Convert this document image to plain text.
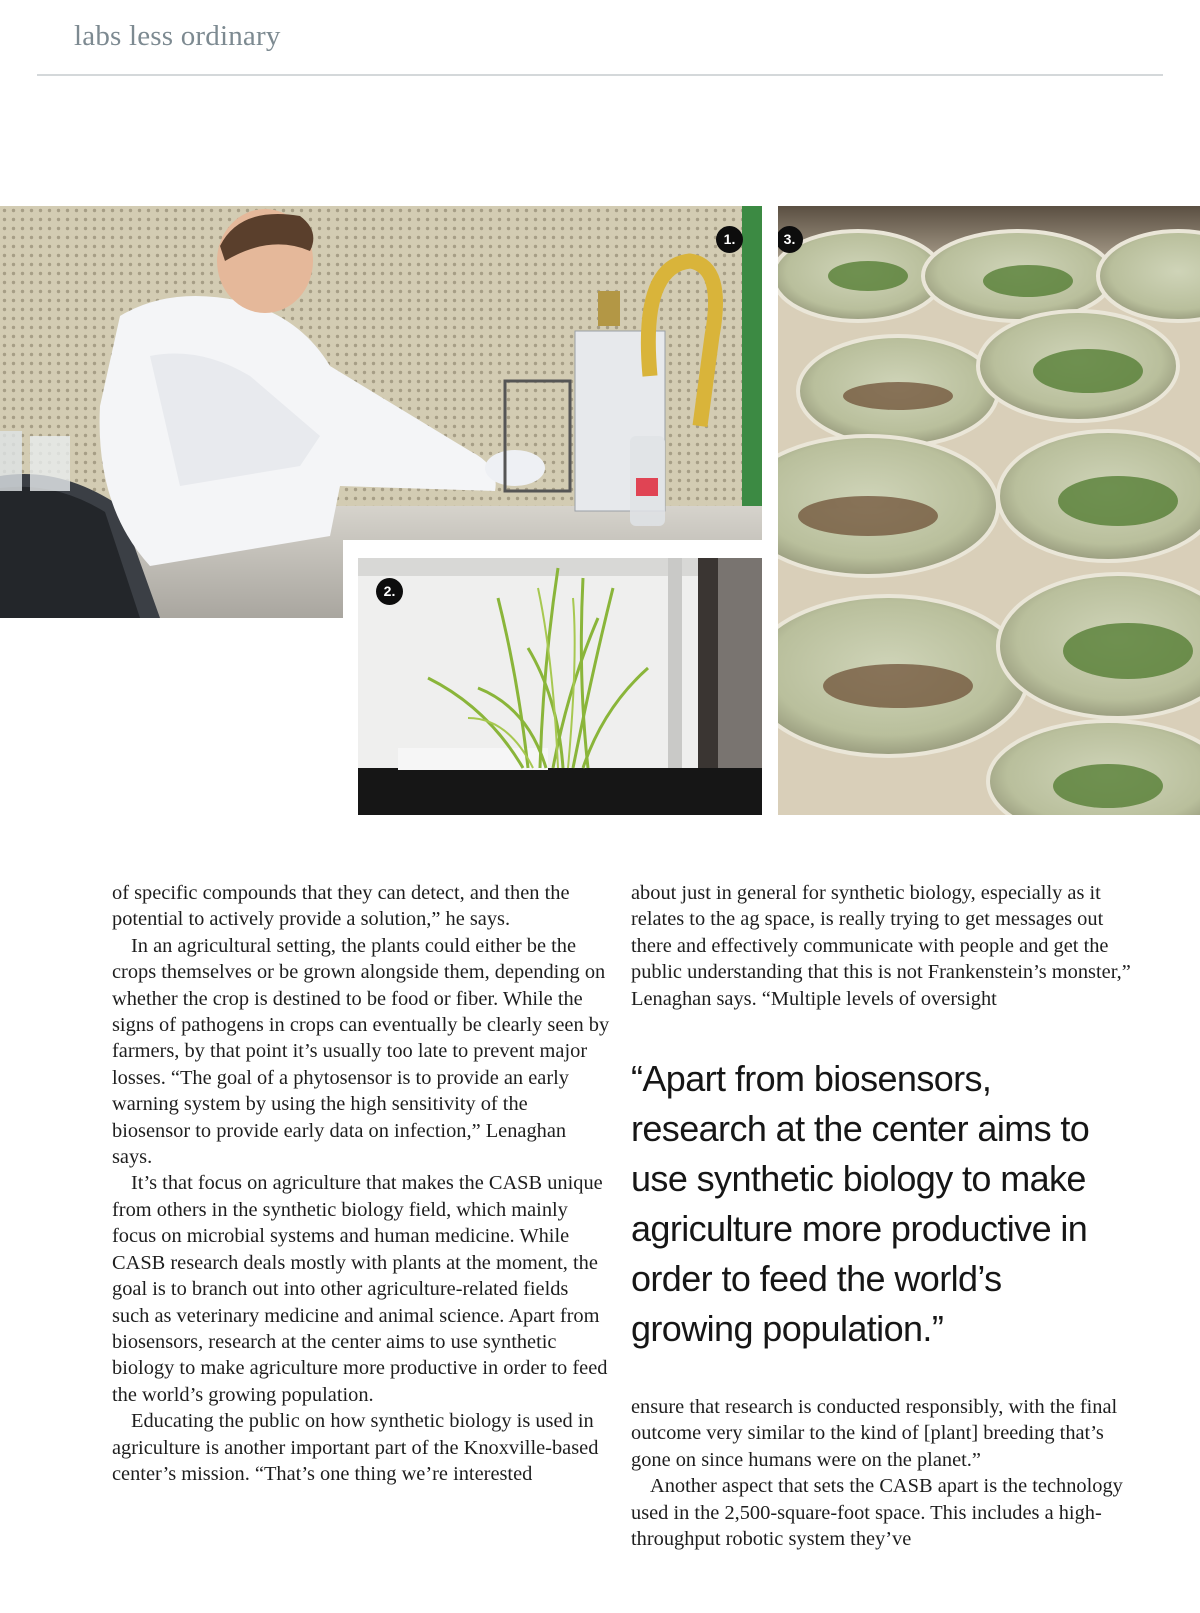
labs less ordinary
1.
2.
3.

of specific compounds that they can detect, and then the potential to actively provide a solution,” he says.

In an agricultural setting, the plants could either be the crops themselves or be grown alongside them, depending on whether the crop is destined to be food or fiber. While the signs of pathogens in crops can eventually be clearly seen by farmers, by that point it’s usually too late to prevent major losses. “The goal of a phytosensor is to provide an early warning system by using the high sensitivity of the biosensor to provide early data on infection,” Lenaghan says.

It’s that focus on agriculture that makes the CASB unique from others in the synthetic biology field, which mainly focus on microbial systems and human medicine. While CASB research deals mostly with plants at the moment, the goal is to branch out into other agriculture-related fields such as veterinary medicine and animal science. Apart from biosensors, research at the center aims to use synthetic biology to make agriculture more productive in order to feed the world’s growing population.

Educating the public on how synthetic biology is used in agriculture is another important part of the Knoxville-based center’s mission. “That’s one thing we’re interested

about just in general for synthetic biology, especially as it relates to the ag space, is really trying to get messages out there and effectively communicate with people and get the public understanding that this is not Frankenstein’s monster,” Lenaghan says. “Multiple levels of oversight

“Apart from biosensors, research at the center aims to use synthetic biology to make agriculture more productive in order to feed the world’s growing population.”

ensure that research is conducted responsibly, with the final outcome very similar to the kind of [plant] breeding that’s gone on since humans were on the planet.”

Another aspect that sets the CASB apart is the technology used in the 2,500-square-foot space. This includes a high-throughput robotic system they’ve
